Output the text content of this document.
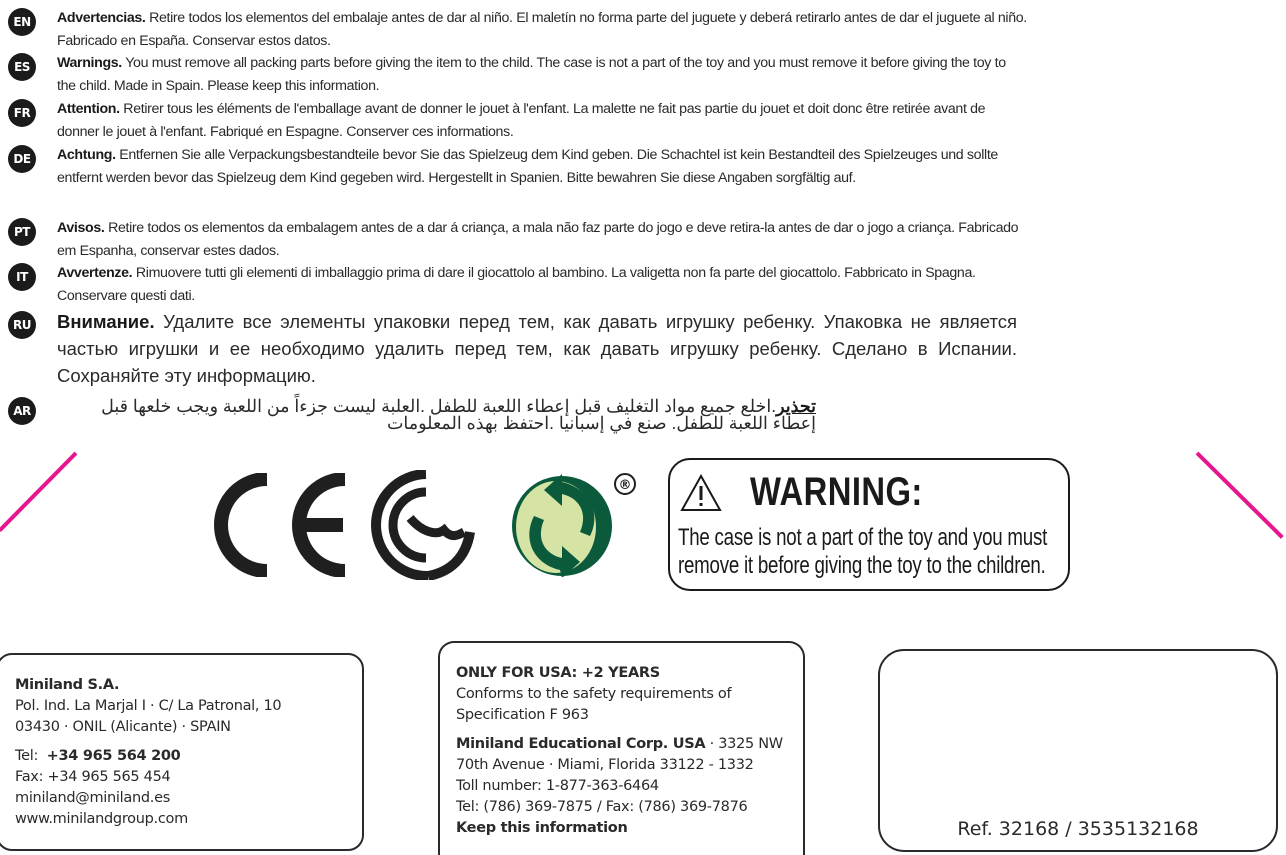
EN	Advertencias. Retire todos los elementos del embalaje antes de dar al niño. El maletín no forma parte del juguete y deberá retirarlo antes de dar el juguete al niño. Fabricado en España. Conservar estos datos.
ES	Warnings. You must remove all packing parts before giving the item to the child. The case is not a part of the toy and you must remove it before giving the toy to the child. Made in Spain. Please keep this information.
FR	Attention. Retirer tous les éléments de l'emballage avant de donner le jouet à l'enfant. La malette ne fait pas partie du jouet et doit donc être retirée avant de donner le jouet à l'enfant. Fabriqué en Espagne. Conserver ces informations.
DE	Achtung. Entfernen Sie alle Verpackungsbestandteile bevor Sie das Spielzeug dem Kind geben. Die Schachtel ist kein Bestandteil des Spielzeuges und sollte entfernt werden bevor das Spielzeug dem Kind gegeben wird. Hergestellt in Spanien. Bitte bewahren Sie diese Angaben sorgfältig auf.
PT	Avisos. Retire todos os elementos da embalagem antes de a dar á criança, a mala não faz parte do jogo e deve retira-la antes de dar o jogo a criança. Fabricado em Espanha, conservar estes dados.
IT	Avvertenze. Rimuovere tutti gli elementi di imballaggio prima di dare il giocattolo al bambino. La valigetta non fa parte del giocattolo. Fabbricato in Spagna. Conservare questi dati.
RU Внимание. Удалите все элементы упаковки перед тем, как давать игрушку ребенку. Упаковка не является частью игрушки и ее необходимо удалить перед тем, как давать игрушку ребенку. Сделано в Испании. Сохраняйте эту информацию.
AR	تحذير.اخلع جميع مواد التغليف قبل إعطاء اللعبة للطفل .العلبة ليست جزءاً من اللعبة ويجب خلعها قبل إعطاء اللعبة للطفل. صنع في إسبانيا .احتفظ بهذه المعلومات
®	WARNING:
The case is not a part of the toy and you must
remove it before giving the toy to the children.
Miniland S.A.
Pol. Ind. La Marjal I · C/ La Patronal, 10
03430 · ONIL (Alicante) · SPAIN
Tel:  +34 965 564 200
Fax: +34 965 565 454
miniland@miniland.es
www.minilandgroup.com
ONLY FOR USA: +2 YEARS
Conforms to the safety requirements of
Specification F 963
Miniland Educational Corp. USA · 3325 NW
70th Avenue · Miami, Florida 33122 - 1332
Toll number: 1-877-363-6464
Tel: (786) 369-7875 / Fax: (786) 369-7876
Keep this information	Ref. 32168 / 3535132168
